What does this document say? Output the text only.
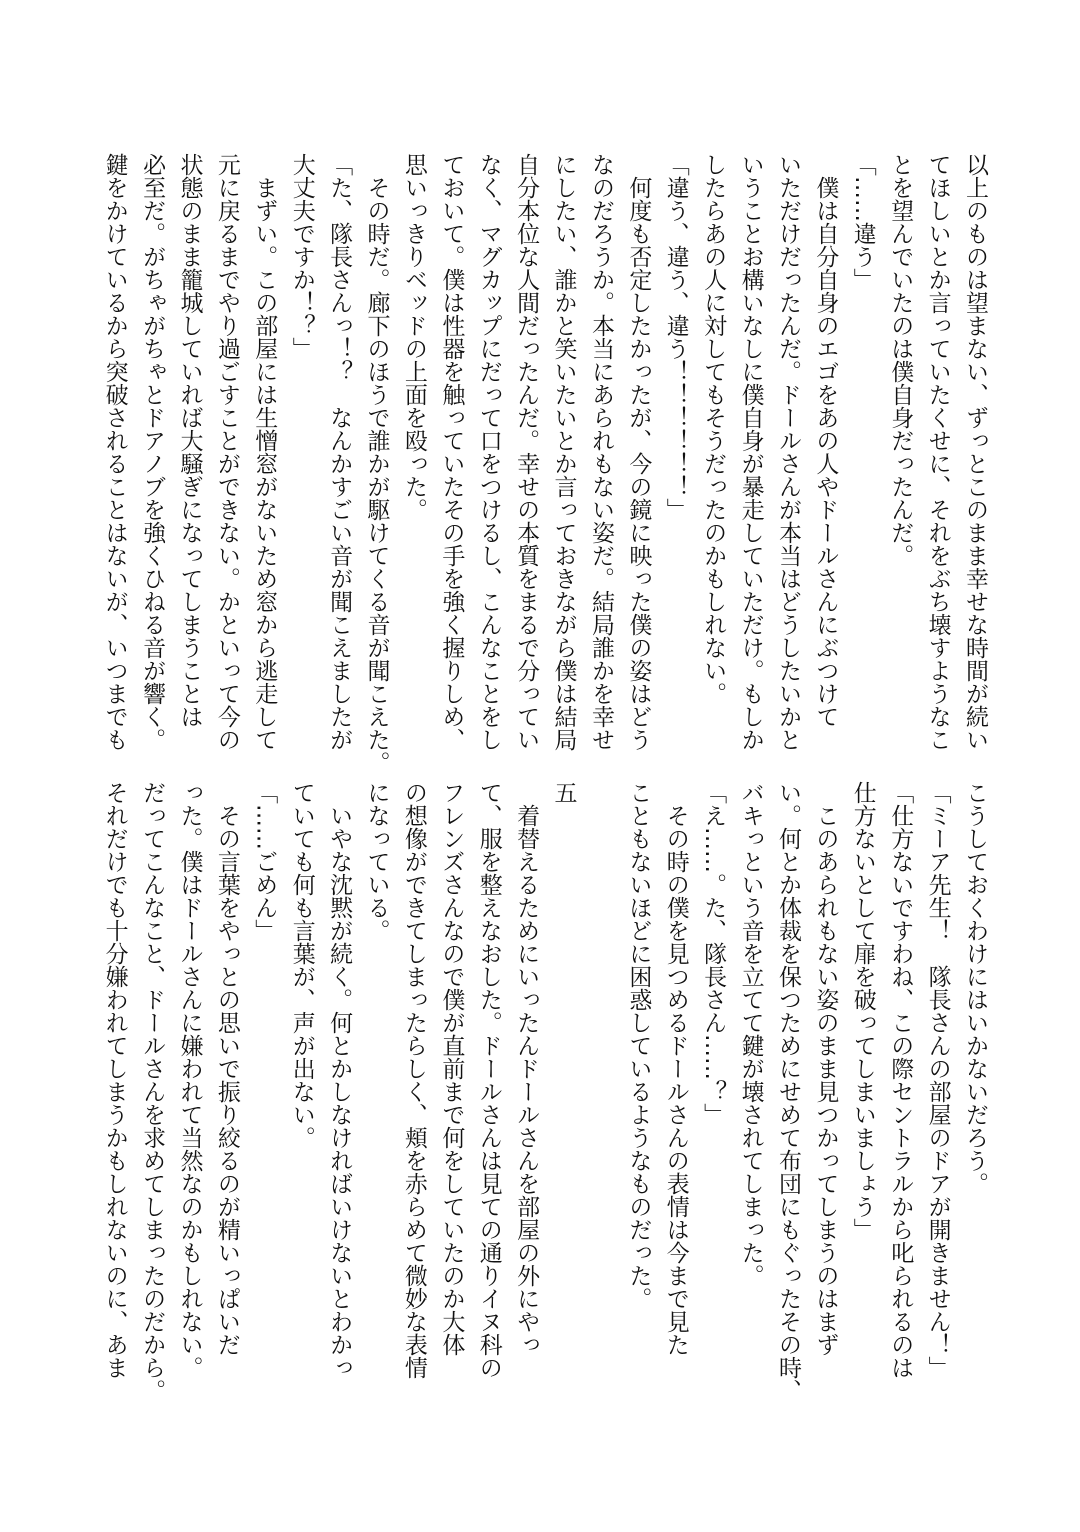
以上のものは望まない、ずっとこのまま幸せな時間が続い
てほしいとか言っていたくせに、それをぶち壊すようなこ
とを望んでいたのは僕自身だったんだ。
「……違う」
　僕は自分自身のエゴをあの人やドールさんにぶつけて
いただけだったんだ。ドールさんが本当はどうしたいかと
いうことお構いなしに僕自身が暴走していただけ。もしか
したらあの人に対してもそうだったのかもしれない。
「違う、違う、違う！！！！！！」
　何度も否定したかったが、今の鏡に映った僕の姿はどう
なのだろうか。本当にあられもない姿だ。結局誰かを幸せ
にしたい、誰かと笑いたいとか言っておきながら僕は結局
自分本位な人間だったんだ。幸せの本質をまるで分ってい
なく、マグカップにだって口をつけるし、こんなことをし
ておいて。僕は性器を触っていたその手を強く握りしめ、
思いっきりベッドの上面を殴った。
　その時だ。廊下のほうで誰かが駆けてくる音が聞こえた。
「た、隊長さんっ！？　なんかすごい音が聞こえましたが
大丈夫ですか！？」
　まずい。この部屋には生憎窓がないため窓から逃走して
元に戻るまでやり過ごすことができない。かといって今の
状態のまま籠城していれば大騒ぎになってしまうことは
必至だ。がちゃがちゃとドアノブを強くひねる音が響く。
鍵をかけているから突破されることはないが、いつまでも
こうしておくわけにはいかないだろう。
「ミーア先生！　隊長さんの部屋のドアが開きません！」
「仕方ないですわね、この際セントラルから叱られるのは
仕方ないとして扉を破ってしまいましょう」
　このあられもない姿のまま見つかってしまうのはまず
い。何とか体裁を保つためにせめて布団にもぐったその時、
バキっという音を立てて鍵が壊されてしまった。
「え……。た、隊長さん……？」
　その時の僕を見つめるドールさんの表情は今まで見た
こともないほどに困惑しているようなものだった。
五
　着替えるためにいったんドールさんを部屋の外にやっ
て、服を整えなおした。ドールさんは見ての通りイヌ科の
フレンズさんなので僕が直前まで何をしていたのか大体
の想像ができてしまったらしく、頬を赤らめて微妙な表情
になっている。
　いやな沈黙が続く。何とかしなければいけないとわかっ
ていても何も言葉が、声が出ない。
「……ごめん」
　その言葉をやっとの思いで振り絞るのが精いっぱいだ
った。僕はドールさんに嫌われて当然なのかもしれない。
だってこんなこと、ドールさんを求めてしまったのだから。
それだけでも十分嫌われてしまうかもしれないのに、あま
